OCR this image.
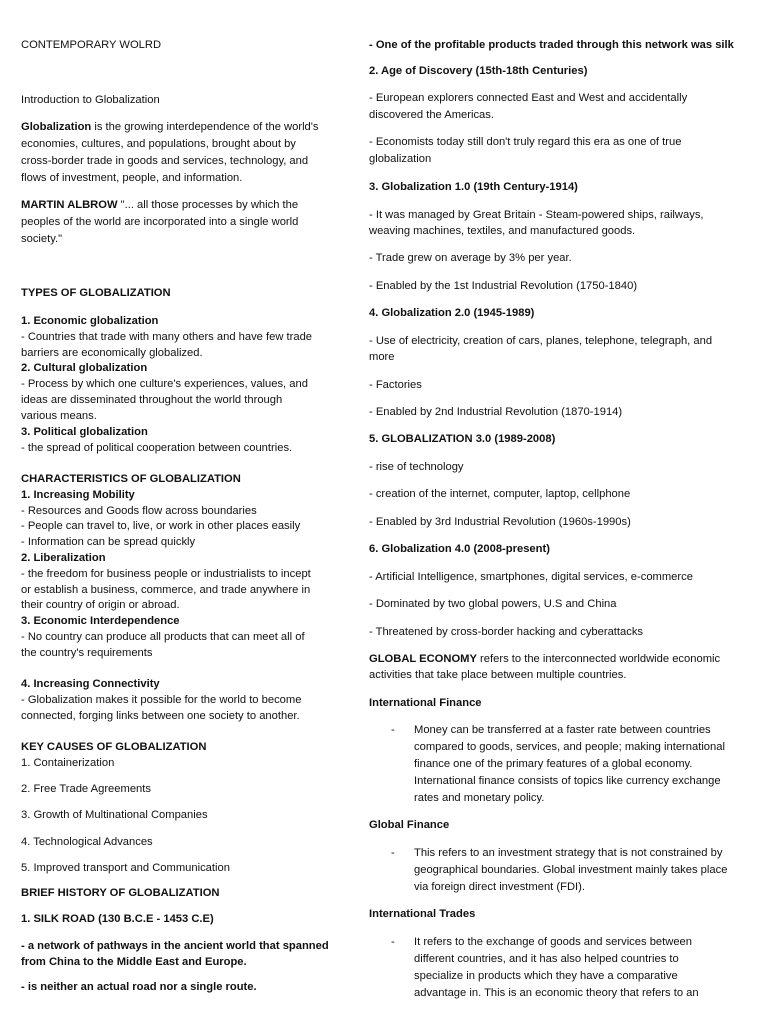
CONTEMPORARY WOLRD
Introduction to Globalization
Globalization is the growing interdependence of the world's
economies, cultures, and populations, brought about by
cross-border trade in goods and services, technology, and
flows of investment, people, and information.
MARTIN ALBROW "... all those processes by which the
peoples of the world are incorporated into a single world
society."
TYPES OF GLOBALIZATION
1. Economic globalization
- Countries that trade with many others and have few trade
barriers are economically globalized.
2. Cultural globalization
- Process by which one culture's experiences, values, and
ideas are disseminated throughout the world through
various means.
3. Political globalization
- the spread of political cooperation between countries.
CHARACTERISTICS OF GLOBALIZATION
1. Increasing Mobility
- Resources and Goods flow across boundaries
- People can travel to, live, or work in other places easily
- Information can be spread quickly
2. Liberalization
- the freedom for business people or industrialists to incept
or establish a business, commerce, and trade anywhere in
their country of origin or abroad.
3. Economic Interdependence
- No country can produce all products that can meet all of
the country's requirements
4. Increasing Connectivity
- Globalization makes it possible for the world to become
connected, forging links between one society to another.
KEY CAUSES OF GLOBALIZATION
1. Containerization
2. Free Trade Agreements
3. Growth of Multinational Companies
4. Technological Advances
5. Improved transport and Communication
BRIEF HISTORY OF GLOBALIZATION
1. SILK ROAD (130 B.C.E - 1453 C.E)
- a network of pathways in the ancient world that spanned
from China to the Middle East and Europe.
- is neither an actual road nor a single route.
- One of the profitable products traded through this network was silk
2. Age of Discovery (15th-18th Centuries)
- European explorers connected East and West and accidentally
discovered the Americas.
- Economists today still don't truly regard this era as one of true
globalization
3. Globalization 1.0 (19th Century-1914)
- It was managed by Great Britain - Steam-powered ships, railways,
weaving machines, textiles, and manufactured goods.
- Trade grew on average by 3% per year.
- Enabled by the 1st Industrial Revolution (1750-1840)
4. Globalization 2.0 (1945-1989)
- Use of electricity, creation of cars, planes, telephone, telegraph, and
more
- Factories
- Enabled by 2nd Industrial Revolution (1870-1914)
5. GLOBALIZATION 3.0 (1989-2008)
- rise of technology
- creation of the internet, computer, laptop, cellphone
- Enabled by 3rd Industrial Revolution (1960s-1990s)
6. Globalization 4.0 (2008-present)
- Artificial Intelligence, smartphones, digital services, e-commerce
- Dominated by two global powers, U.S and China
- Threatened by cross-border hacking and cyberattacks
GLOBAL ECONOMY refers to the interconnected worldwide economic
activities that take place between multiple countries.
International Finance
- Money can be transferred at a faster rate between countries
compared to goods, services, and people; making international
finance one of the primary features of a global economy.
International finance consists of topics like currency exchange
rates and monetary policy.
Global Finance
- This refers to an investment strategy that is not constrained by
geographical boundaries. Global investment mainly takes place
via foreign direct investment (FDI).
International Trades
- It refers to the exchange of goods and services between
different countries, and it has also helped countries to
specialize in products which they have a comparative
advantage in. This is an economic theory that refers to an
